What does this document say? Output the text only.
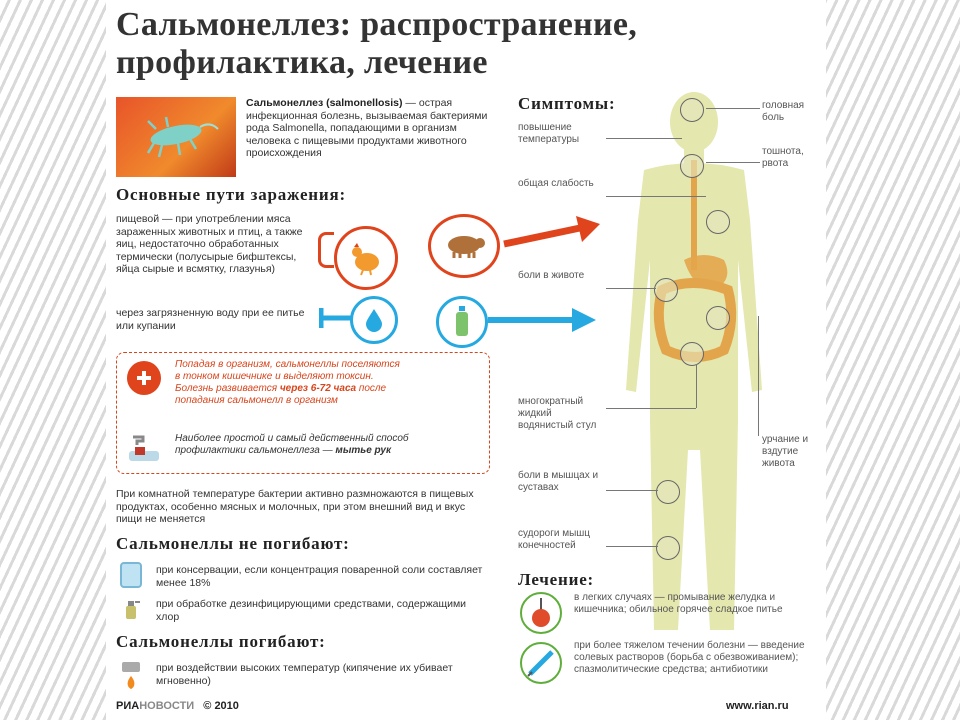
Сальмонеллез: распространение,
профилактика, лечение
Сальмонеллез (salmonellosis) — острая инфекционная болезнь, вызываемая бактериями рода Salmonella, попадающими в организм человека с пищевыми продуктами животного происхождения
Основные пути заражения:
пищевой — при употреблении мяса зараженных животных и птиц, а также яиц, недостаточно обработанных термически (полусырые бифштексы, яйца сырые и всмятку, глазунья)
через загрязненную воду при ее питье или купании
Попадая в организм, сальмонеллы поселяются
в тонком кишечнике и выделяют токсин.
Болезнь развивается через 6-72 часа после
попадания сальмонелл в организм
Наиболее простой и самый действенный способ
профилактики сальмонеллеза — мытье рук
При комнатной температуре бактерии активно размножаются в пищевых продуктах, особенно мясных и молочных, при этом внешний вид и вкус пищи не меняется
Сальмонеллы не погибают:
при консервации, если концентрация поваренной соли составляет менее 18%
при обработке дезинфицирующими средствами, содержащими хлор
Сальмонеллы погибают:
при воздействии высоких температур (кипячение их убивает мгновенно)
РИАНОВОСТИ © 2010	www.rian.ru
Симптомы:
повышение температуры
общая слабость
боли в животе
многократный жидкий водянистый стул
боли в мышцах и суставах
судороги мышц конечностей
головная боль
тошнота, рвота
урчание и вздутие живота
Лечение:
в легких случаях — промывание желудка и кишечника; обильное горячее сладкое питье
при более тяжелом течении болезни — введение солевых растворов (борьба с обезвоживанием); спазмолитические средства; антибиотики
